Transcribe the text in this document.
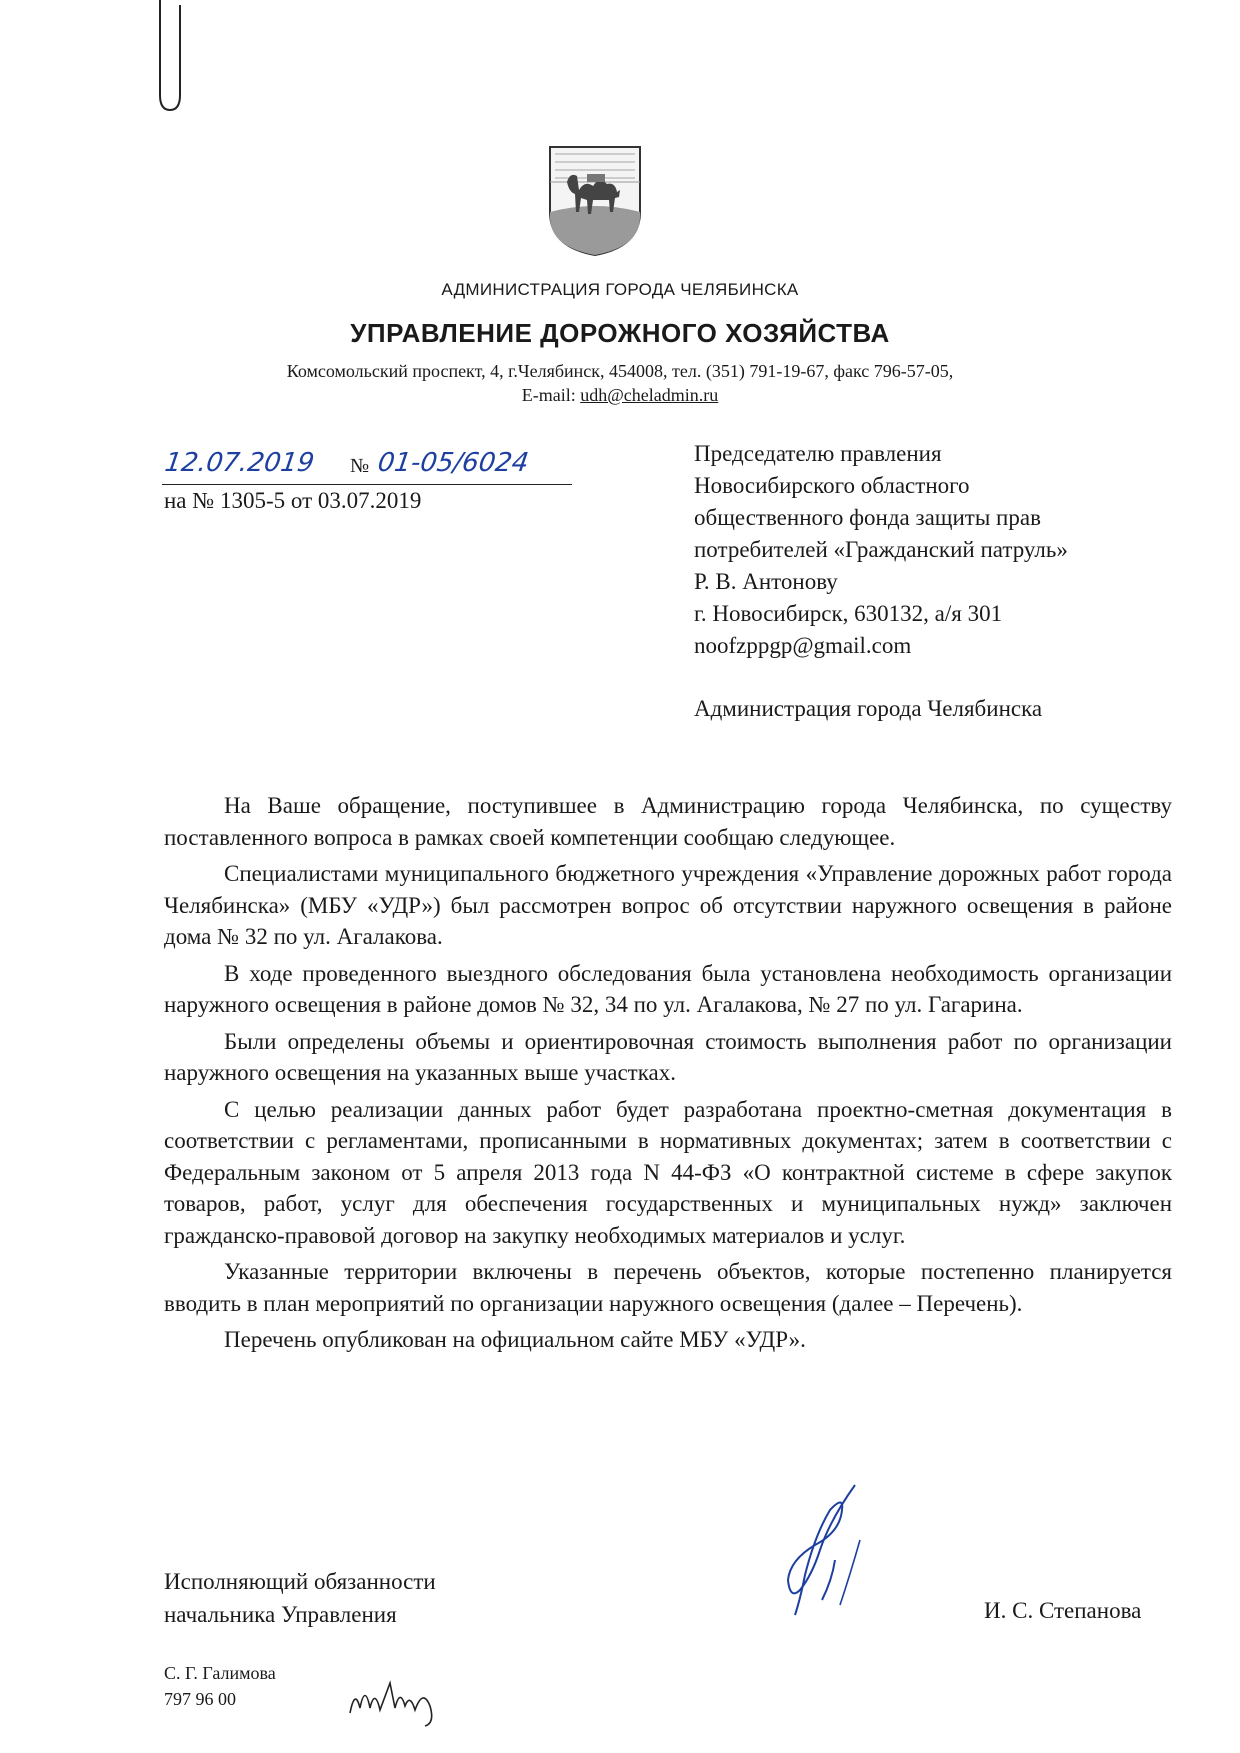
АДМИНИСТРАЦИЯ ГОРОДА ЧЕЛЯБИНСКА
УПРАВЛЕНИЕ ДОРОЖНОГО ХОЗЯЙСТВА
Комсомольский проспект, 4, г.Челябинск, 454008, тел. (351) 791-19-67, факс 796-57-05,
E-mail: udh@cheladmin.ru
12.07.2019 № 01-05/6024
на № 1305-5 от 03.07.2019
Председателю правления
Новосибирского областного
общественного фонда защиты прав
потребителей «Гражданский патруль»
Р. В. Антонову
г. Новосибирск, 630132, а/я 301
noofzppgp@gmail.com
Администрация города Челябинска

На Ваше обращение, поступившее в Администрацию города Челябинска, по существу поставленного вопроса в рамках своей компетенции сообщаю следующее.

Специалистами муниципального бюджетного учреждения «Управление дорожных работ города Челябинска» (МБУ «УДР») был рассмотрен вопрос об отсутствии наружного освещения в районе дома № 32 по ул. Агалакова.

В ходе проведенного выездного обследования была установлена необходимость организации наружного освещения в районе домов № 32, 34 по ул. Агалакова, № 27 по ул. Гагарина.

Были определены объемы и ориентировочная стоимость выполнения работ по организации наружного освещения на указанных выше участках.

С целью реализации данных работ будет разработана проектно-сметная документация в соответствии с регламентами, прописанными в нормативных документах; затем в соответствии с Федеральным законом от 5 апреля 2013 года N 44-ФЗ «О контрактной системе в сфере закупок товаров, работ, услуг для обеспечения государственных и муниципальных нужд» заключен гражданско-правовой договор на закупку необходимых материалов и услуг.

Указанные территории включены в перечень объектов, которые постепенно планируется вводить в план мероприятий по организации наружного освещения (далее – Перечень).

Перечень опубликован на официальном сайте МБУ «УДР».

Исполняющий обязанности
начальника Управления	И. С. Степанова
С. Г. Галимова
797 96 00
